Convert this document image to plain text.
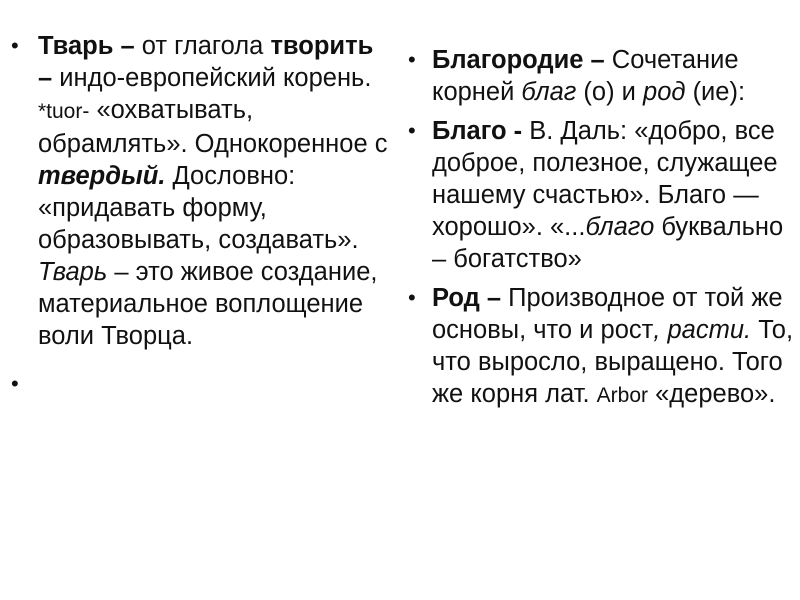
• Тварь – от глагола творить – индо-европейский корень. *tuor- «охватывать, обрамлять». Однокоренное с твердый. Дословно: «придавать форму, образовывать, создавать». Тварь – это живое создание, материальное воплощение воли Творца.
•
• Благородие – Сочетание корней благ (о) и род (ие):
• Благо - В. Даль: «добро, все доброе, полезное, служащее нашему счастью». Благо — хорошо». «...благо буквально – богатство»
• Род – Производное от той же основы, что и рост, расти. То, что выросло, выращено. Того же корня лат. Arbor «дерево».
